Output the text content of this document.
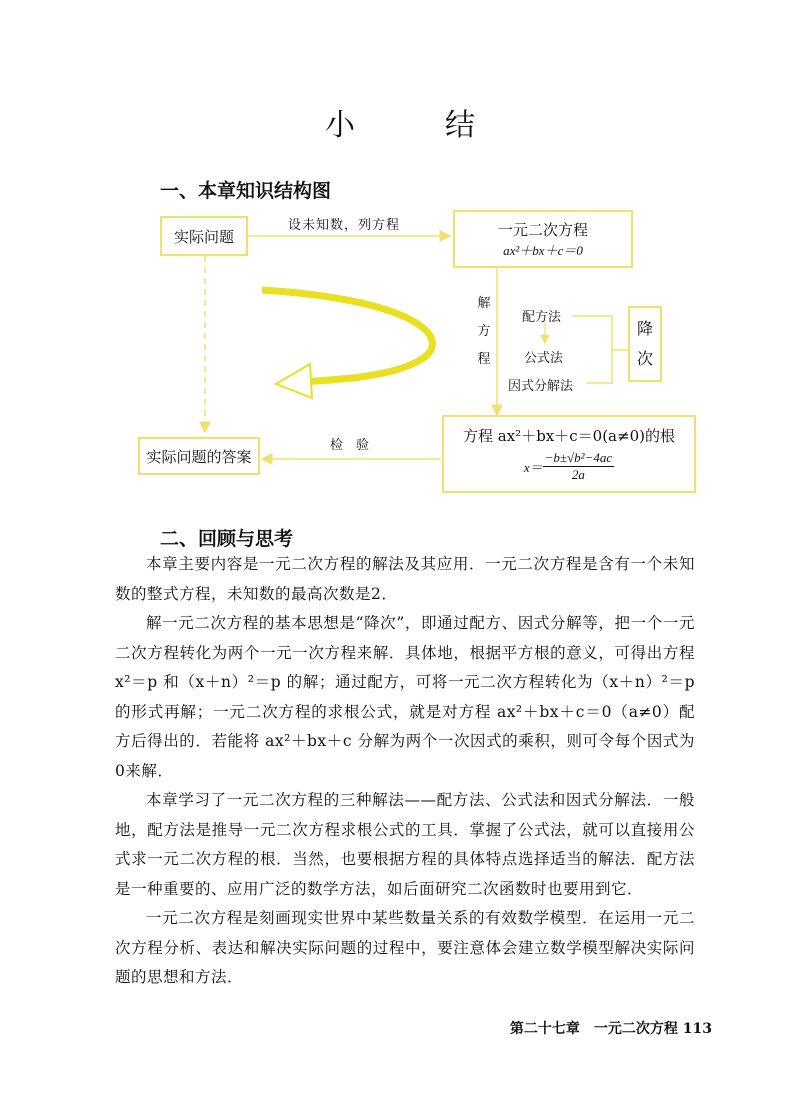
小　结
一、本章知识结构图
实际问题
设未知数，列方程	一元二次方程
ax²＋bx＋c＝0
解
方
程
配方法
公式法
因式分解法
降
次
检　验
方程 ax²＋bx＋c＝0(a≠0)的根
$x= \frac{\text{−b±√b²−4ac}}{2a}$
实际问题的答案
二、回顾与思考

本章主要内容是一元二次方程的解法及其应用．一元二次方程是含有一个未知数的整式方程，未知数的最高次数是2．

解一元二次方程的基本思想是“降次”，即通过配方、因式分解等，把一个一元二次方程转化为两个一元一次方程来解．具体地，根据平方根的意义，可得出方程 x²＝p 和（x＋n）²＝p 的解；通过配方，可将一元二次方程转化为（x＋n）²＝p 的形式再解；一元二次方程的求根公式，就是对方程 ax²＋bx＋c＝0（a≠0）配方后得出的．若能将 ax²＋bx＋c 分解为两个一次因式的乘积，则可令每个因式为0来解．

本章学习了一元二次方程的三种解法——配方法、公式法和因式分解法．一般地，配方法是推导一元二次方程求根公式的工具．掌握了公式法，就可以直接用公式求一元二次方程的根．当然，也要根据方程的具体特点选择适当的解法．配方法是一种重要的、应用广泛的数学方法，如后面研究二次函数时也要用到它．

一元二次方程是刻画现实世界中某些数量关系的有效数学模型．在运用一元二次方程分析、表达和解决实际问题的过程中，要注意体会建立数学模型解决实际问题的思想和方法．

第二十七章　一元二次方程 113
